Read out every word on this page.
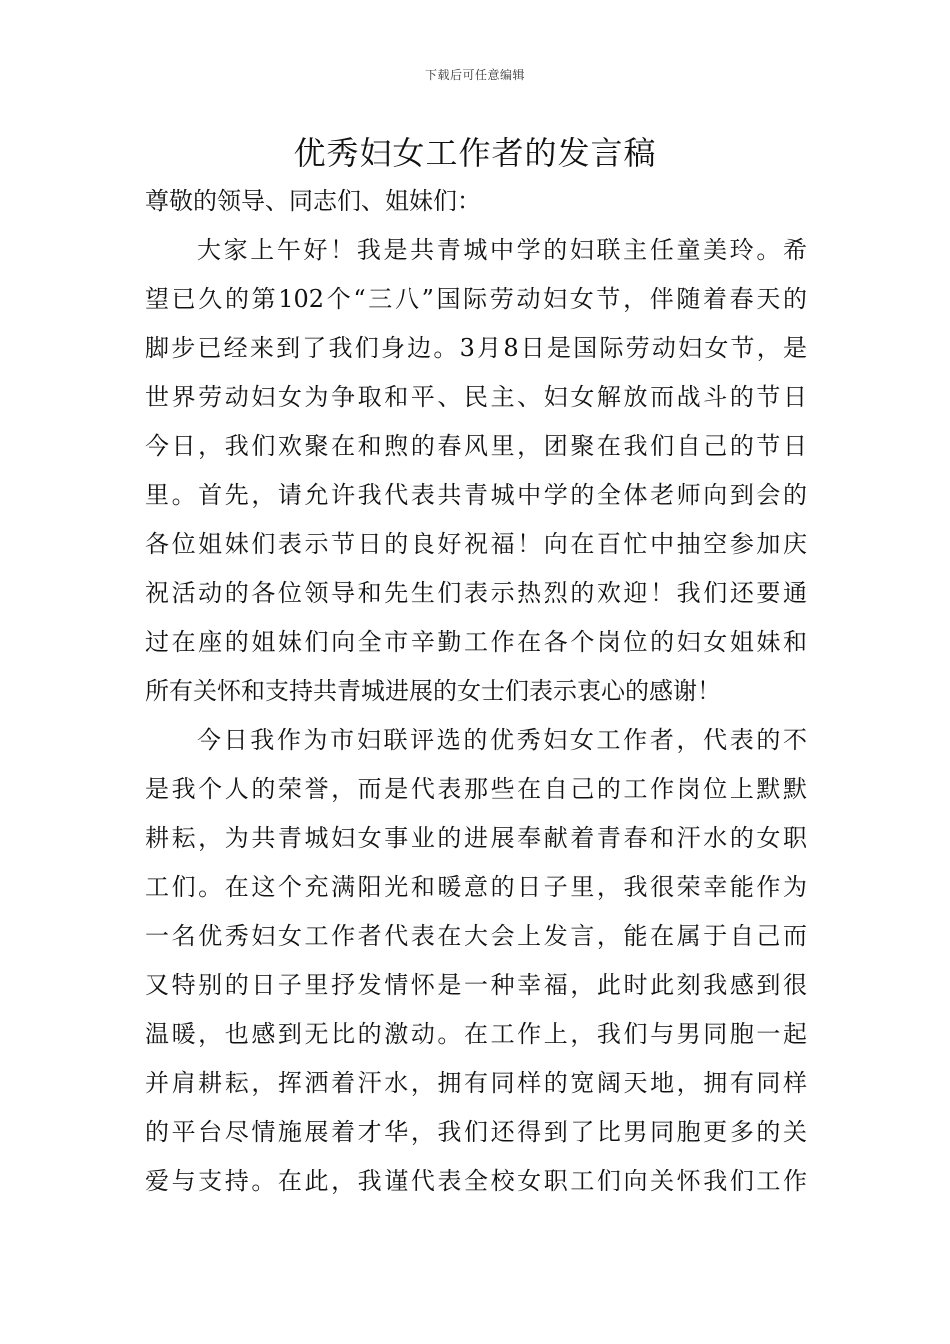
下载后可任意编辑
优秀妇女工作者的发言稿

尊敬的领导、同志们、姐妹们：

大家上午好！我是共青城中学的妇联主任童美玲。希
望已久的第102个“三八”国际劳动妇女节，伴随着春天的
脚步已经来到了我们身边。3月8日是国际劳动妇女节，是
世界劳动妇女为争取和平、民主、妇女解放而战斗的节日
今日，我们欢聚在和煦的春风里，团聚在我们自己的节日
里。首先，请允许我代表共青城中学的全体老师向到会的
各位姐妹们表示节日的良好祝福！向在百忙中抽空参加庆
祝活动的各位领导和先生们表示热烈的欢迎！我们还要通
过在座的姐妹们向全市辛勤工作在各个岗位的妇女姐妹和
所有关怀和支持共青城进展的女士们表示衷心的感谢！
今日我作为市妇联评选的优秀妇女工作者，代表的不
是我个人的荣誉，而是代表那些在自己的工作岗位上默默
耕耘，为共青城妇女事业的进展奉献着青春和汗水的女职
工们。在这个充满阳光和暖意的日子里，我很荣幸能作为
一名优秀妇女工作者代表在大会上发言，能在属于自己而
又特别的日子里抒发情怀是一种幸福，此时此刻我感到很
温暖，也感到无比的激动。在工作上，我们与男同胞一起
并肩耕耘，挥洒着汗水，拥有同样的宽阔天地，拥有同样
的平台尽情施展着才华，我们还得到了比男同胞更多的关
爱与支持。在此，我谨代表全校女职工们向关怀我们工作
